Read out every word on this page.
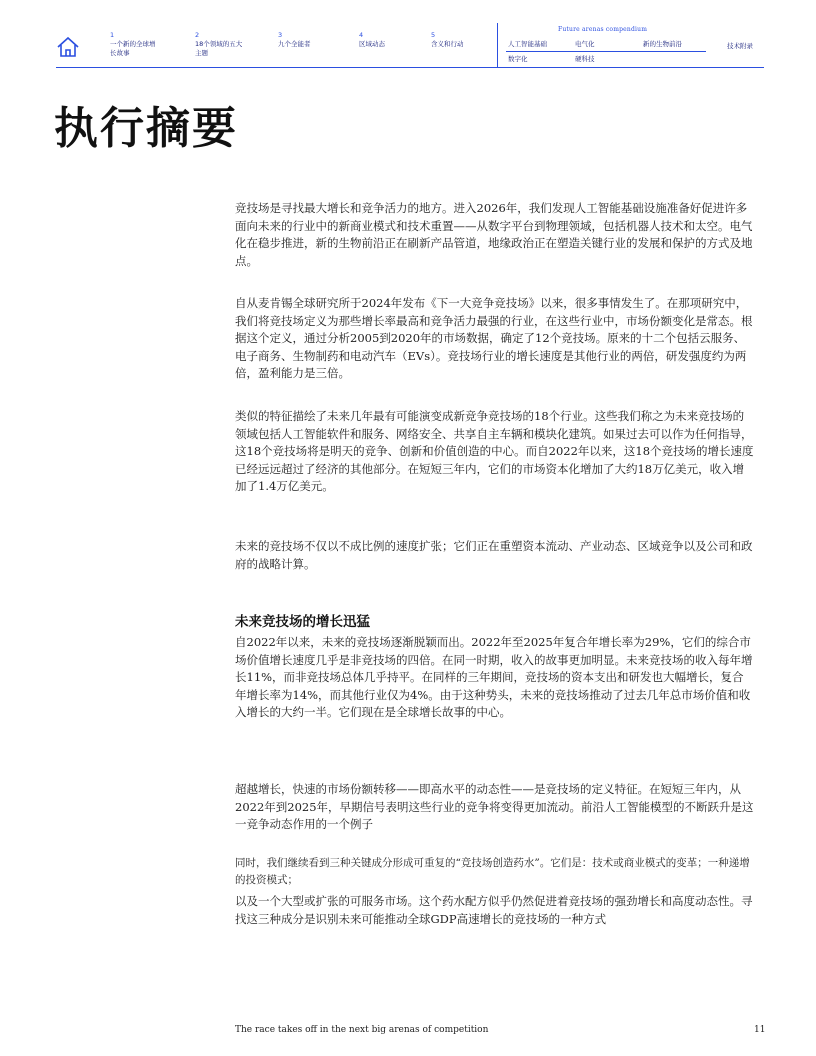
1
一个新的全球增长故事
2
18个领域的五大主题
3
九个全能者
4
区域动态
5
含义和行动
Future arenas compendium
人工智能基础	电气化	新的生物前沿
数字化	硬科技
技术附录
执行摘要

竞技场是寻找最大增长和竞争活力的地方。进入2026年，我们发现人工智能基础设施准备好促进许多面向未来的行业中的新商业模式和技术重置——从数字平台到物理领域，包括机器人技术和太空。电气化在稳步推进，新的生物前沿正在刷新产品管道，地缘政治正在塑造关键行业的发展和保护的方式及地点。

自从麦肯锡全球研究所于2024年发布《下一大竞争竞技场》以来，很多事情发生了。在那项研究中，我们将竞技场定义为那些增长率最高和竞争活力最强的行业，在这些行业中，市场份额变化是常态。根据这个定义，通过分析2005到2020年的市场数据，确定了12个竞技场。原来的十二个包括云服务、电子商务、生物制药和电动汽车（EVs）。竞技场行业的增长速度是其他行业的两倍，研发强度约为两倍，盈利能力是三倍。

类似的特征描绘了未来几年最有可能演变成新竞争竞技场的18个行业。这些我们称之为未来竞技场的领域包括人工智能软件和服务、网络安全、共享自主车辆和模块化建筑。如果过去可以作为任何指导，这18个竞技场将是明天的竞争、创新和价值创造的中心。而自2022年以来，这18个竞技场的增长速度已经远远超过了经济的其他部分。在短短三年内，它们的市场资本化增加了大约18万亿美元，收入增加了1.4万亿美元。

未来的竞技场不仅以不成比例的速度扩张；它们正在重塑资本流动、产业动态、区域竞争以及公司和政府的战略计算。

未来竞技场的增长迅猛

自2022年以来，未来的竞技场逐渐脱颖而出。2022年至2025年复合年增长率为29%，它们的综合市场价值增长速度几乎是非竞技场的四倍。在同一时期，收入的故事更加明显。未来竞技场的收入每年增长11%，而非竞技场总体几乎持平。在同样的三年期间，竞技场的资本支出和研发也大幅增长，复合年增长率为14%，而其他行业仅为4%。由于这种势头，未来的竞技场推动了过去几年总市场价值和收入增长的大约一半。它们现在是全球增长故事的中心。

超越增长，快速的市场份额转移——即高水平的动态性——是竞技场的定义特征。在短短三年内，从2022年到2025年，早期信号表明这些行业的竞争将变得更加流动。前沿人工智能模型的不断跃升是这一竞争动态作用的一个例子

同时，我们继续看到三种关键成分形成可重复的“竞技场创造药水”。它们是：技术或商业模式的变革；一种递增的投资模式；

以及一个大型或扩张的可服务市场。这个药水配方似乎仍然促进着竞技场的强劲增长和高度动态性。寻找这三种成分是识别未来可能推动全球GDP高速增长的竞技场的一种方式

The race takes off in the next big arenas of competition	11
